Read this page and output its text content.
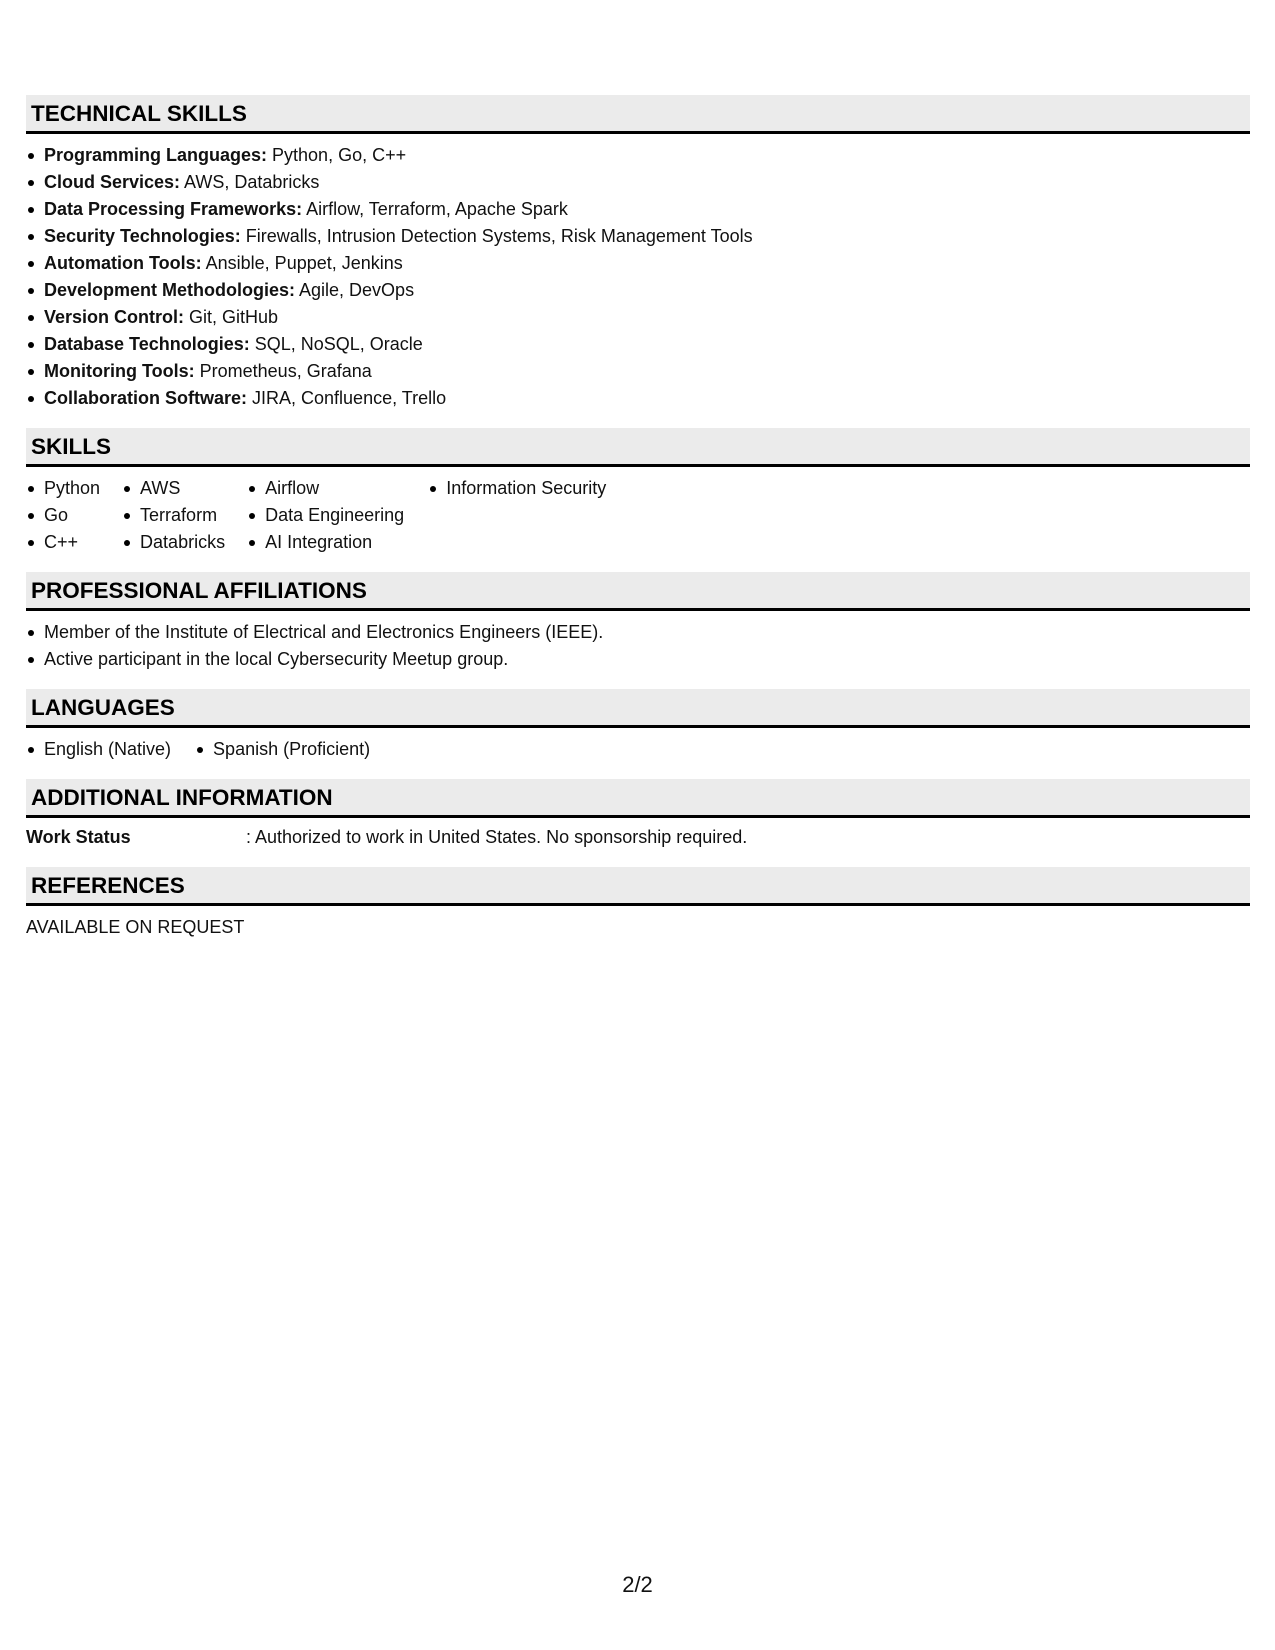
TECHNICAL SKILLS
Programming Languages: Python, Go, C++
Cloud Services: AWS, Databricks
Data Processing Frameworks: Airflow, Terraform, Apache Spark
Security Technologies: Firewalls, Intrusion Detection Systems, Risk Management Tools
Automation Tools: Ansible, Puppet, Jenkins
Development Methodologies: Agile, DevOps
Version Control: Git, GitHub
Database Technologies: SQL, NoSQL, Oracle
Monitoring Tools: Prometheus, Grafana
Collaboration Software: JIRA, Confluence, Trello
SKILLS
Python
Go
C++
AWS
Terraform
Databricks
Airflow
Data Engineering
AI Integration
Information Security
PROFESSIONAL AFFILIATIONS
Member of the Institute of Electrical and Electronics Engineers (IEEE).
Active participant in the local Cybersecurity Meetup group.
LANGUAGES
English (Native)	Spanish (Proficient)
ADDITIONAL INFORMATION
Work Status	: Authorized to work in United States. No sponsorship required.
REFERENCES
AVAILABLE ON REQUEST
2/2
